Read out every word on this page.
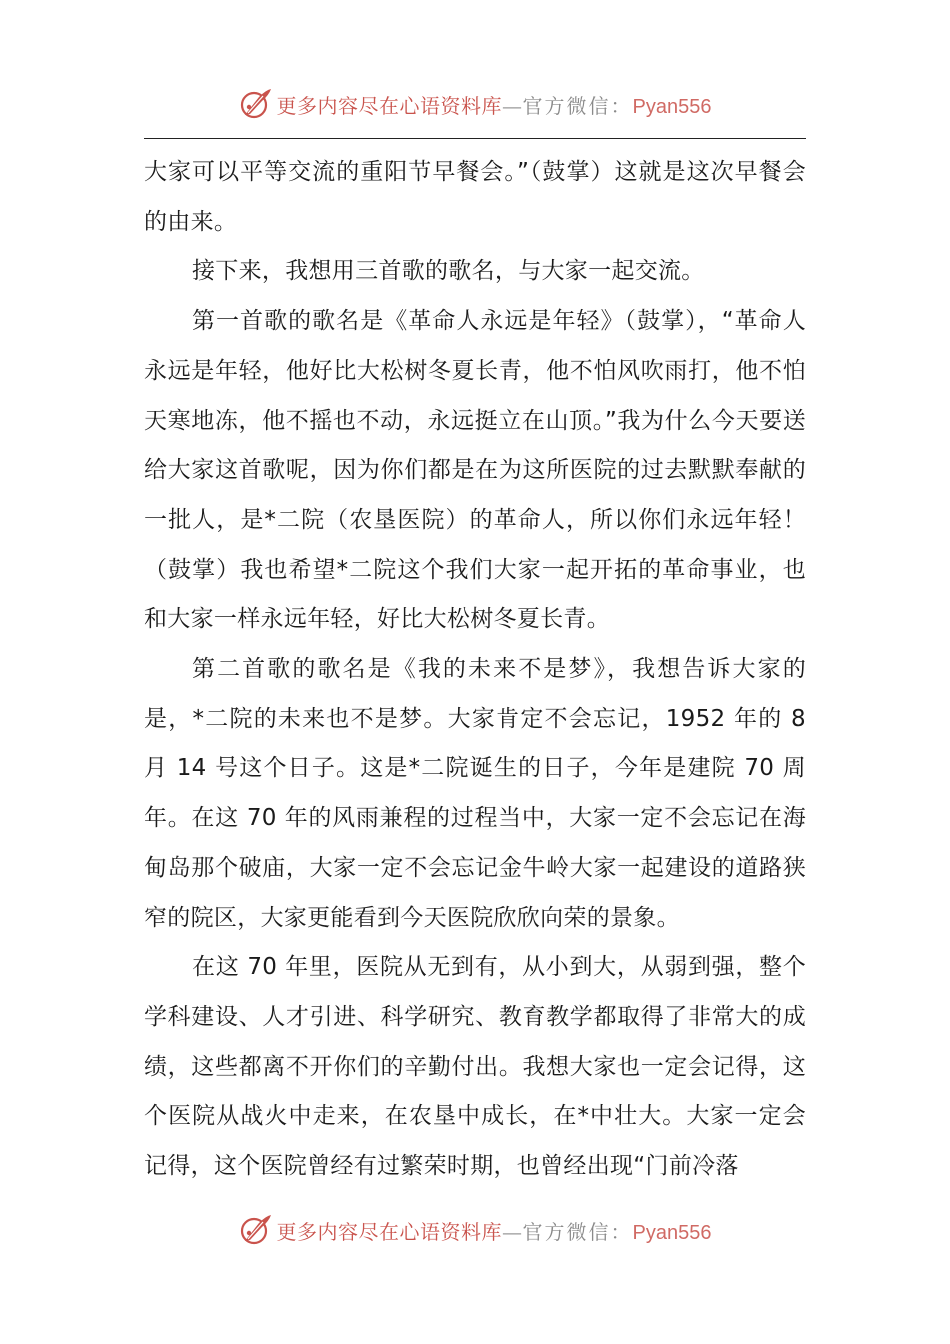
更多内容尽在心语资料库—官方微信：Pyan556

大家可以平等交流的重阳节早餐会。”（鼓掌）这就是这次早餐会的由来。

接下来，我想用三首歌的歌名，与大家一起交流。

第一首歌的歌名是《革命人永远是年轻》（鼓掌），“革命人永远是年轻，他好比大松树冬夏长青，他不怕风吹雨打，他不怕天寒地冻，他不摇也不动，永远挺立在山顶。”我为什么今天要送给大家这首歌呢，因为你们都是在为这所医院的过去默默奉献的一批人，是*二院（农垦医院）的革命人，所以你们永远年轻！（鼓掌）我也希望*二院这个我们大家一起开拓的革命事业，也和大家一样永远年轻，好比大松树冬夏长青。

第二首歌的歌名是《我的未来不是梦》，我想告诉大家的是，*二院的未来也不是梦。大家肯定不会忘记，1952 年的 8 月 14 号这个日子。这是*二院诞生的日子，今年是建院 70 周年。在这 70 年的风雨兼程的过程当中，大家一定不会忘记在海甸岛那个破庙，大家一定不会忘记金牛岭大家一起建设的道路狭窄的院区，大家更能看到今天医院欣欣向荣的景象。

在这 70 年里，医院从无到有，从小到大，从弱到强，整个学科建设、人才引进、科学研究、教育教学都取得了非常大的成绩，这些都离不开你们的辛勤付出。我想大家也一定会记得，这个医院从战火中走来，在农垦中成长，在*中壮大。大家一定会记得，这个医院曾经有过繁荣时期，也曾经出现“门前冷落

更多内容尽在心语资料库—官方微信：Pyan556
